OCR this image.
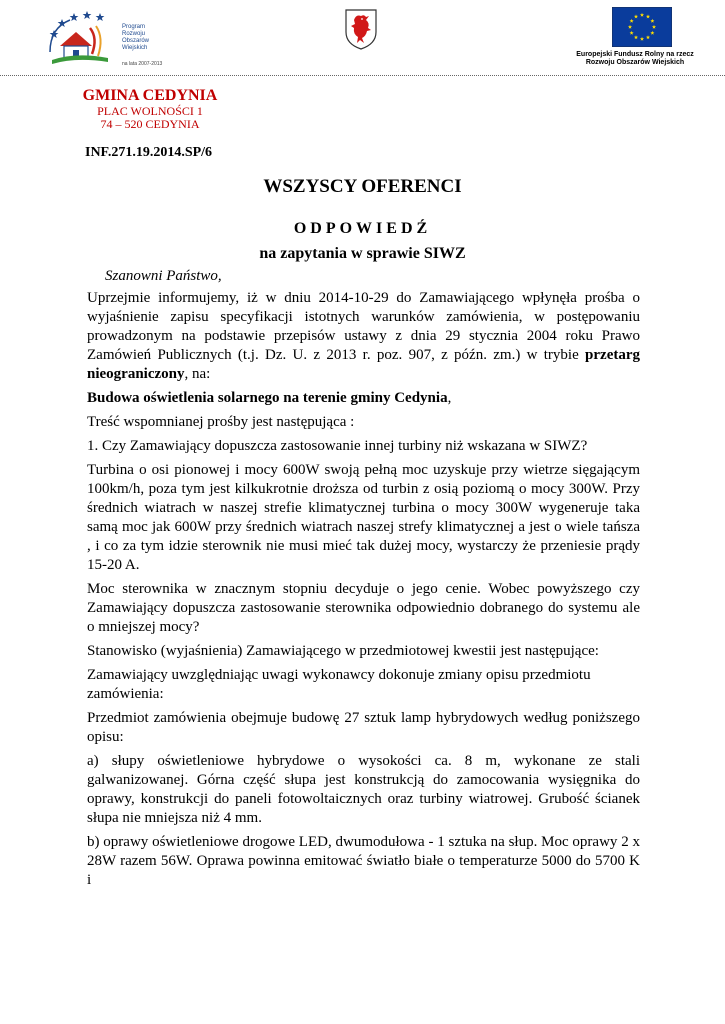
Program
Rozwoju
Obszarów
Wiejskich
na lata 2007-2013
Europejski Fundusz Rolny na rzecz
Rozwoju Obszarów Wiejskich
GMINA CEDYNIA
PLAC WOLNOŚCI 1
74 – 520 CEDYNIA
INF.271.19.2014.SP/6
WSZYSCY OFERENCI
ODPOWIEDŹ
na zapytania w sprawie SIWZ
Szanowni Państwo,

Uprzejmie informujemy, iż w dniu 2014-10-29 do Zamawiającego wpłynęła prośba o wyjaśnienie zapisu specyfikacji istotnych warunków zamówienia, w postępowaniu prowadzonym na podstawie przepisów ustawy z dnia 29 stycznia 2004 roku Prawo Zamówień Publicznych (t.j. Dz. U. z 2013 r. poz. 907, z późn. zm.) w trybie przetarg nieograniczony, na:

Budowa oświetlenia solarnego na terenie gminy Cedynia,

Treść wspomnianej prośby jest następująca :

1. Czy Zamawiający dopuszcza zastosowanie innej turbiny niż wskazana w SIWZ?

Turbina o osi pionowej i mocy 600W swoją pełną moc uzyskuje przy wietrze sięgającym 100km/h, poza tym jest kilkukrotnie droższa od turbin z osią poziomą o mocy 300W. Przy średnich wiatrach w naszej strefie klimatycznej turbina o mocy 300W wygeneruje taka samą moc jak 600W przy średnich wiatrach naszej strefy klimatycznej a jest o wiele tańsza , i co za tym idzie sterownik nie musi mieć tak dużej mocy, wystarczy że przeniesie prądy 15-20 A.

Moc sterownika w znacznym stopniu decyduje o jego cenie. Wobec powyższego czy Zamawiający dopuszcza zastosowanie sterownika odpowiednio dobranego do systemu ale o mniejszej mocy?

Stanowisko (wyjaśnienia) Zamawiającego w przedmiotowej kwestii jest następujące:

Zamawiający uwzględniając uwagi wykonawcy dokonuje zmiany opisu przedmiotu zamówienia:

Przedmiot zamówienia obejmuje budowę 27 sztuk lamp hybrydowych według poniższego opisu:

a) słupy oświetleniowe hybrydowe o wysokości ca. 8 m, wykonane ze stali galwanizowanej. Górna część słupa jest konstrukcją do zamocowania wysięgnika do oprawy, konstrukcji do paneli fotowoltaicznych oraz turbiny wiatrowej. Grubość ścianek słupa nie mniejsza niż 4 mm.

b) oprawy oświetleniowe drogowe LED, dwumodułowa - 1 sztuka na słup. Moc oprawy 2 x 28W razem 56W. Oprawa powinna emitować światło białe o temperaturze 5000 do 5700 K i
